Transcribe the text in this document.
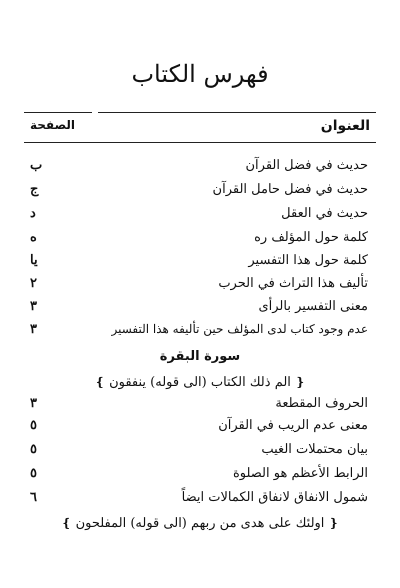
فهرس الكتاب
العنوان
الصفحة
حديث في فضل القرآن
ب
حديث في فضل حامل القرآن
ج
حديث في العقل
د
كلمة حول المؤلف ره
ه
كلمة حول هذا التفسير
يا
تأليف هذا التراث في الحرب
٢
معنى التفسير بالرأى
٣
عدم وجود كتاب لدى المؤلف حين تأليفه هذا التفسير
٣
سورة البقرة
❴ الم ذلك الكتاب (الى قوله) ينفقون ❵
الحروف المقطعة
٣
معنى عدم الريب في القرآن
٥
بيان محتملات الغيب
٥
الرابط الأعظم هو الصلوة
٥
شمول الانفاق لانفاق الكمالات ايضاً
٦
❴ اولئك على هدى من ربهم (الى قوله) المفلحون ❵
